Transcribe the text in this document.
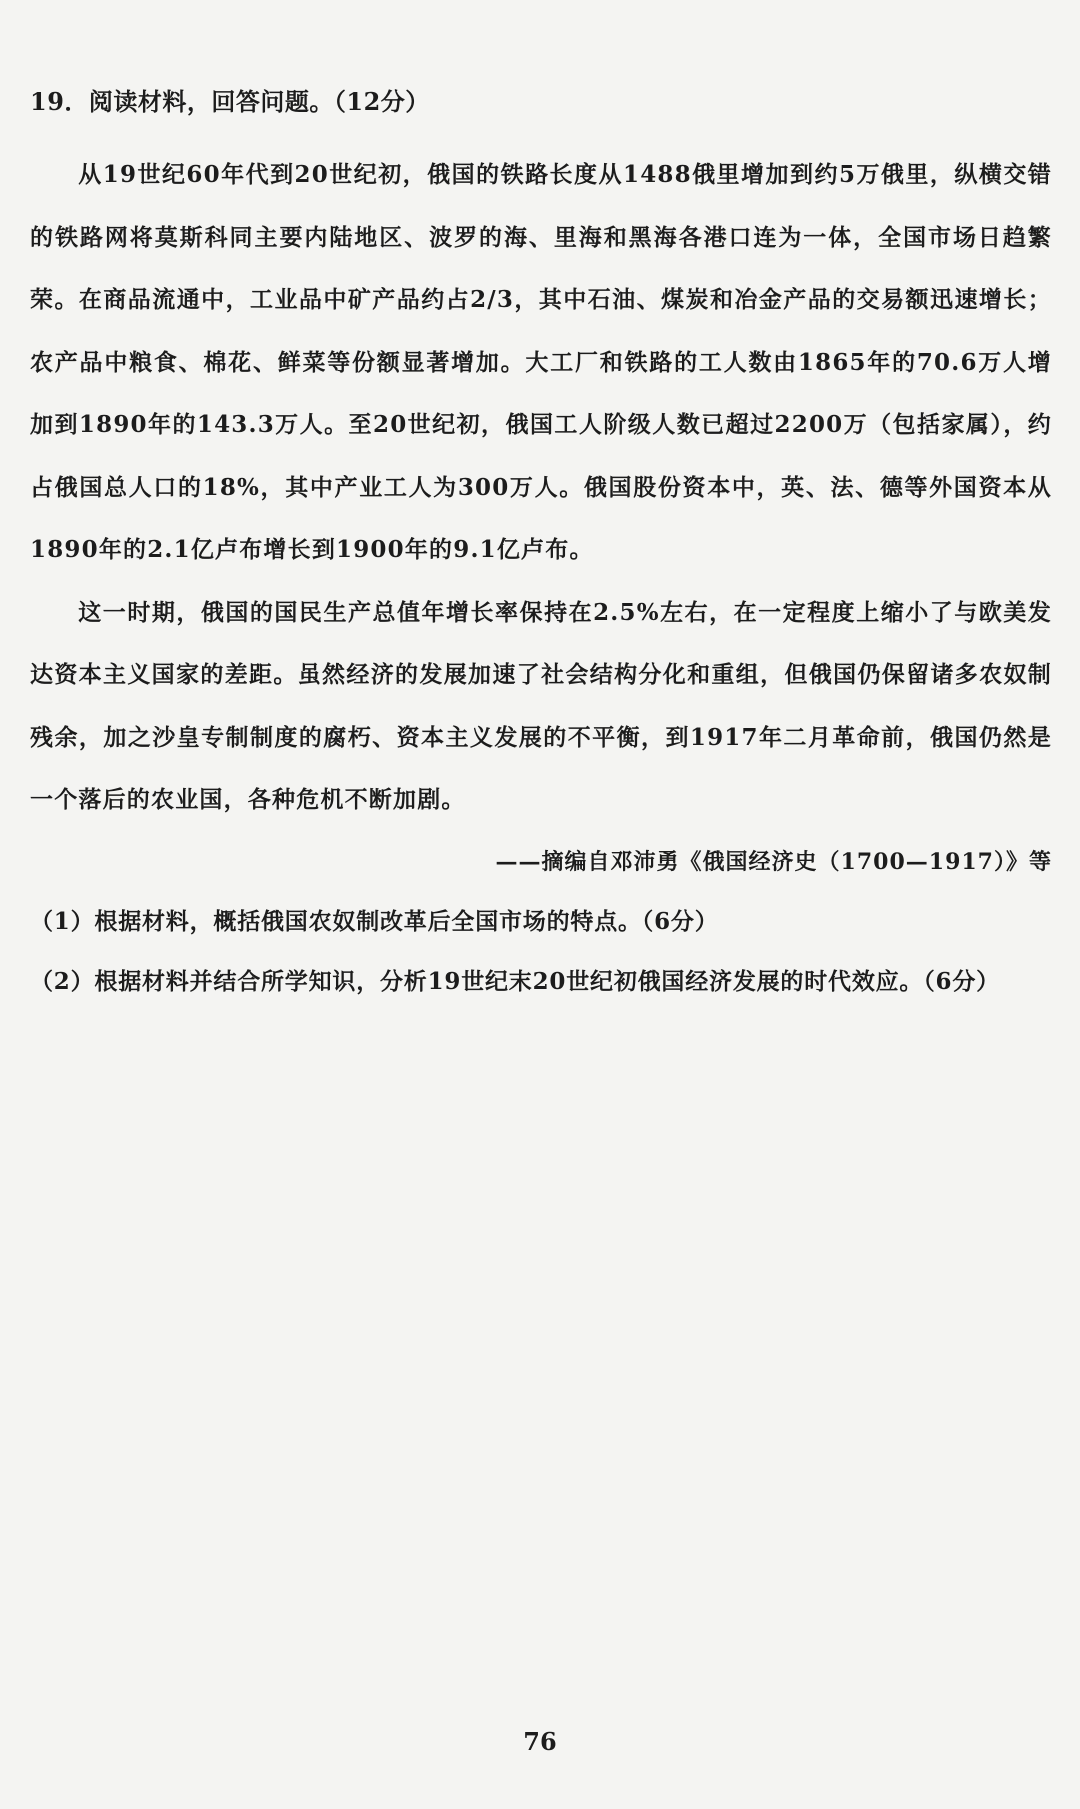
19．阅读材料，回答问题。（12分）

从19世纪60年代到20世纪初，俄国的铁路长度从1488俄里增加到约5万俄里，纵横交错的铁路网将莫斯科同主要内陆地区、波罗的海、里海和黑海各港口连为一体，全国市场日趋繁荣。在商品流通中，工业品中矿产品约占2/3，其中石油、煤炭和冶金产品的交易额迅速增长；农产品中粮食、棉花、鲜菜等份额显著增加。大工厂和铁路的工人数由1865年的70.6万人增加到1890年的143.3万人。至20世纪初，俄国工人阶级人数已超过2200万（包括家属），约占俄国总人口的18%，其中产业工人为300万人。俄国股份资本中，英、法、德等外国资本从1890年的2.1亿卢布增长到1900年的9.1亿卢布。

这一时期，俄国的国民生产总值年增长率保持在2.5%左右，在一定程度上缩小了与欧美发达资本主义国家的差距。虽然经济的发展加速了社会结构分化和重组，但俄国仍保留诸多农奴制残余，加之沙皇专制制度的腐朽、资本主义发展的不平衡，到1917年二月革命前，俄国仍然是一个落后的农业国，各种危机不断加剧。

——摘编自邓沛勇《俄国经济史（1700—1917）》等

（1）根据材料，概括俄国农奴制改革后全国市场的特点。（6分）

（2）根据材料并结合所学知识，分析19世纪末20世纪初俄国经济发展的时代效应。（6分）

76
